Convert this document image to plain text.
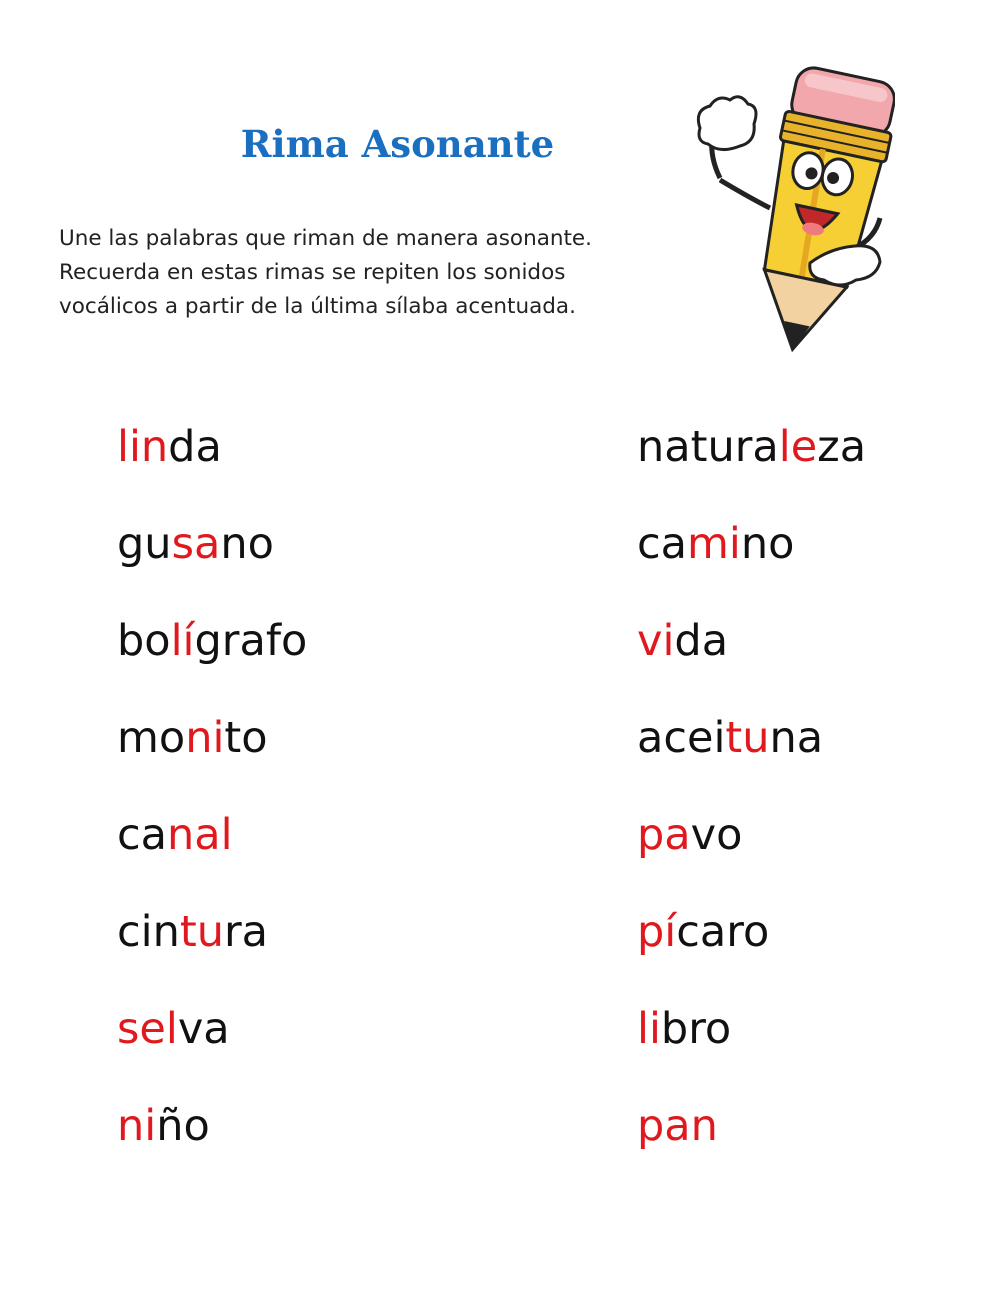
Rima Asonante
Une las palabras que riman de manera asonante. Recuerda en estas rimas se repiten los sonidos vocálicos a partir de la última sílaba acentuada.
linda
gusano
bolígrafo
monito
canal
cintura
selva
niño
naturaleza
camino
vida
aceituna
pavo
pícaro
libro
pan
